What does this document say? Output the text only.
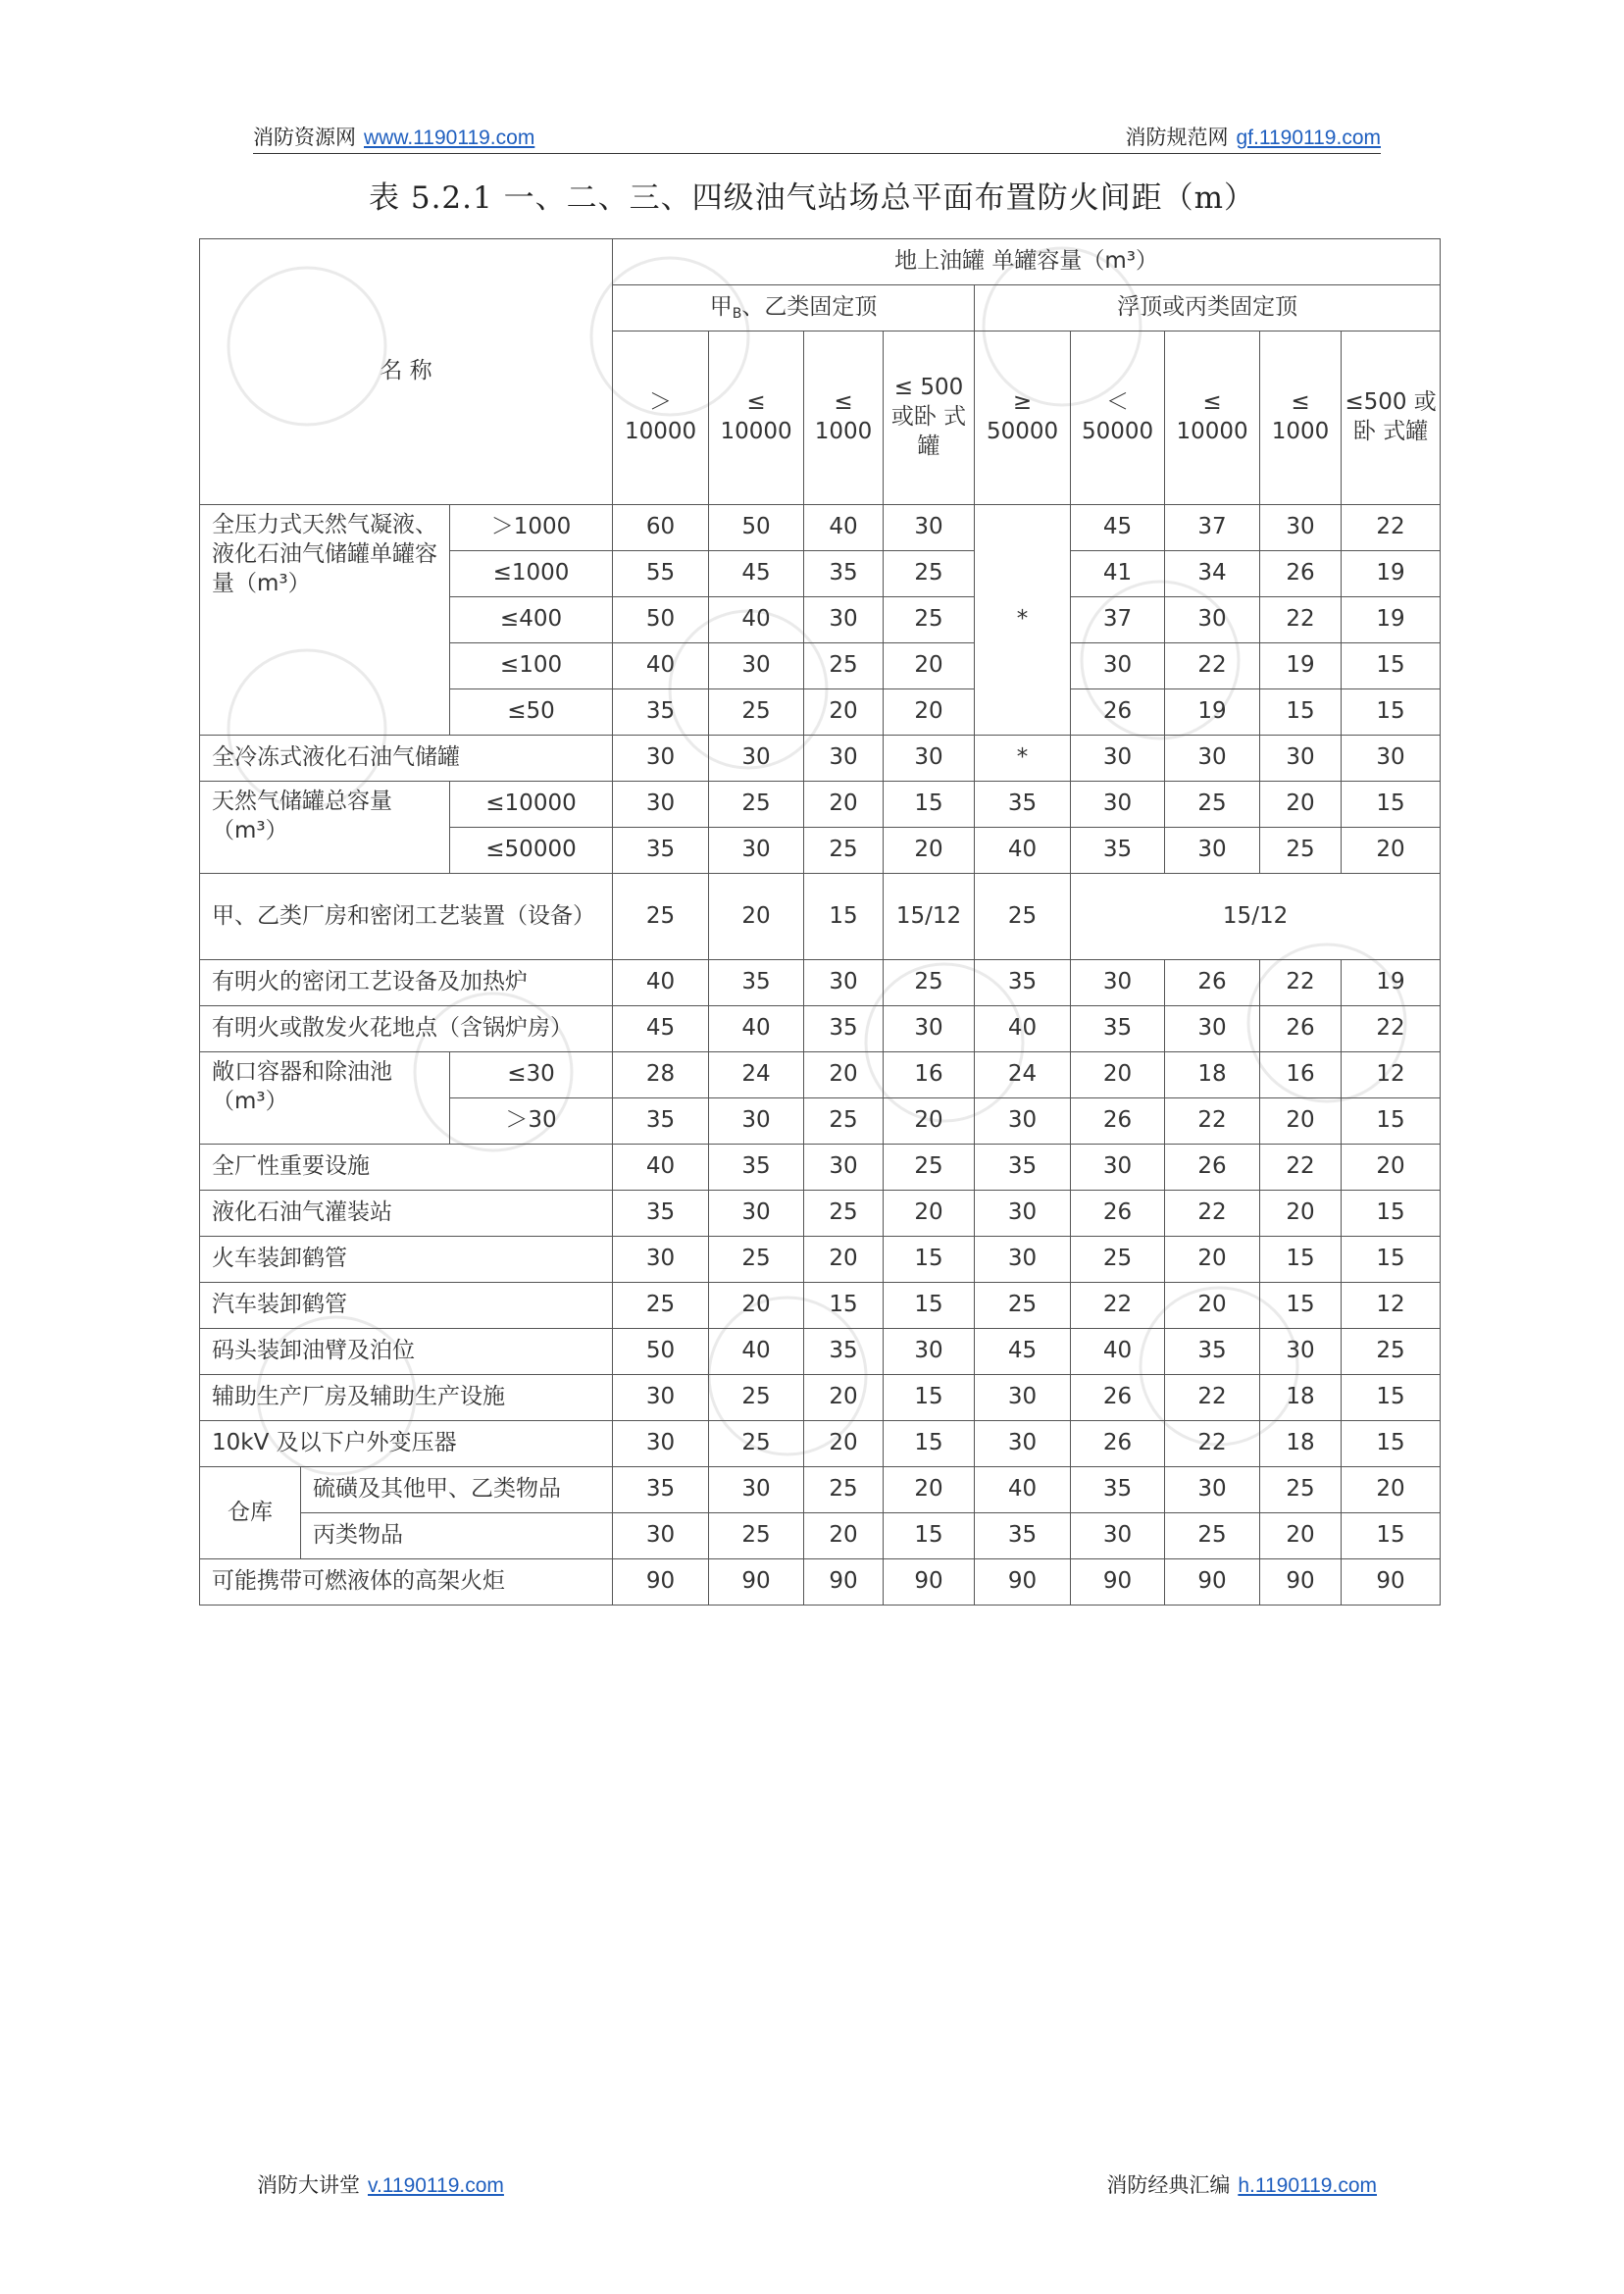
消防资源网 www.1190119.com	消防规范网 gf.1190119.com
表 5.2.1 一、二、三、四级油气站场总平面布置防火间距（m）
名 称			地上油罐 单罐容量（m³）								
			甲B、乙类固定顶				浮顶或丙类固定顶				
			＞ 10000	≤ 10000	≤ 1000	≤ 500 或卧 式罐	≥ 50000	＜ 50000	≤ 10000	≤ 1000	≤500 或卧 式罐
全压力式天然气凝液、液化石油气储罐单罐容量（m³）		＞1000	60	50	40	30	*	45	37	30	22
		≤1000	55	45	35	25		41	34	26	19
		≤400	50	40	30	25		37	30	22	19
		≤100	40	30	25	20		30	22	19	15
		≤50	35	25	20	20		26	19	15	15
全冷冻式液化石油气储罐			30	30	30	30	*	30	30	30	30
天然气储罐总容量（m³）		≤10000	30	25	20	15	35	30	25	20	15
		≤50000	35	30	25	20	40	35	30	25	20
甲、乙类厂房和密闭工艺装置（设备）			25	20	15	15/12	25	15/12			
有明火的密闭工艺设备及加热炉			40	35	30	25	35	30	26	22	19
有明火或散发火花地点（含锅炉房）			45	40	35	30	40	35	30	26	22
敞口容器和除油池（m³）		≤30	28	24	20	16	24	20	18	16	12
		＞30	35	30	25	20	30	26	22	20	15
全厂性重要设施			40	35	30	25	35	30	26	22	20
液化石油气灌装站			35	30	25	20	30	26	22	20	15
火车装卸鹤管			30	25	20	15	30	25	20	15	15
汽车装卸鹤管			25	20	15	15	25	22	20	15	12
码头装卸油臂及泊位			50	40	35	30	45	40	35	30	25
辅助生产厂房及辅助生产设施			30	25	20	15	30	26	22	18	15
10kV 及以下户外变压器			30	25	20	15	30	26	22	18	15
仓库	硫磺及其他甲、乙类物品		35	30	25	20	40	35	30	25	20
	丙类物品		30	25	20	15	35	30	25	20	15
可能携带可燃液体的高架火炬			90	90	90	90	90	90	90	90	90
消防大讲堂 v.1190119.com	消防经典汇编 h.1190119.com
